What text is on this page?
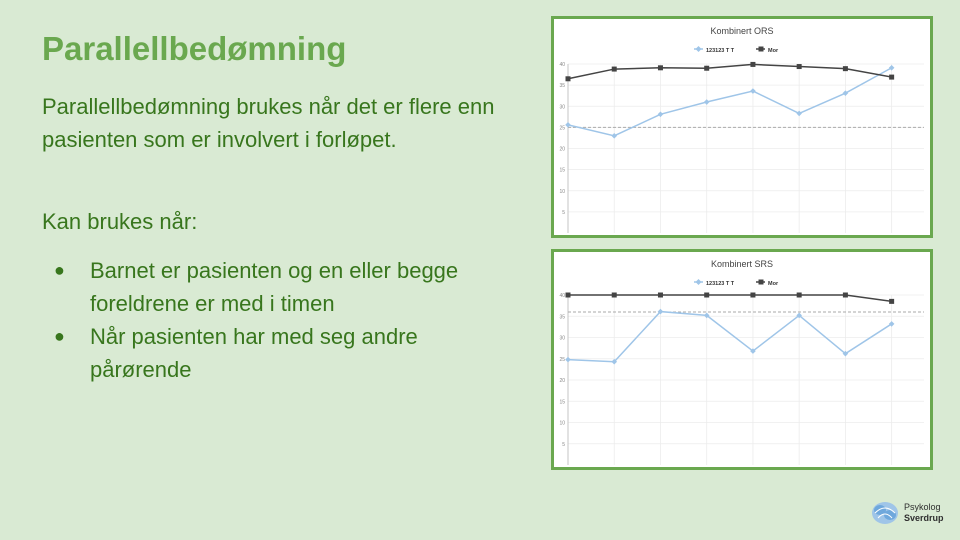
Parallellbedømning
Parallellbedømning brukes når det er flere enn pasienten som er involvert i forløpet.
Kan brukes når:
● Barnet er pasienten og en eller begge foreldrene er med i timen
● Når pasienten har med seg andre pårørende
Kombinert ORS
123123 T T	Mor
5
10
15
20
25
30
35
40
Kombinert SRS
123123 T T	Mor
5
10
15
20
25
30
35
40
Psykolog
Sverdrup
